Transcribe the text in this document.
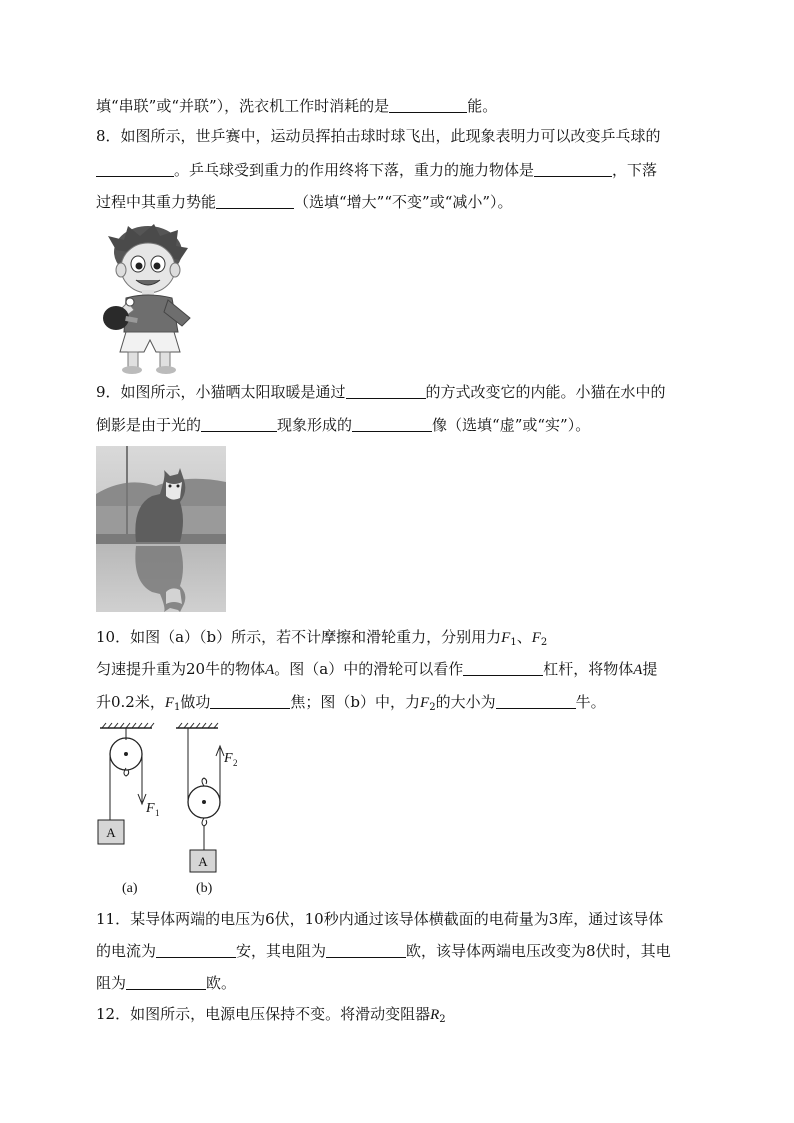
填“串联”或“并联”），洗衣机工作时消耗的是	能。
8．如图所示，世乒赛中，运动员挥拍击球时球飞出，此现象表明力可以改变乒乓球的
。乒乓球受到重力的作用终将下落，重力的施力物体是	，下落
过程中其重力势能	（选填“增大”“不变”或“减小”）。
9．如图所示，小猫晒太阳取暖是通过	的方式改变它的内能。小猫在水中的
倒影是由于光的	现象形成的	像（选填“虚”或“实”）。
10．如图（a）（b）所示，若不计摩擦和滑轮重力，分别用力$F_1$、$F_2$
匀速提升重为20牛的物体A。图（a）中的滑轮可以看作	杠杆，将物体A提
升0.2米，$F_1$做功	焦；图（b）中，力$F_2$的大小为	牛。
A
F 1
(a)
A
F 2
(b)
11．某导体两端的电压为6伏，10秒内通过该导体横截面的电荷量为3库，通过该导体
的电流为	安，其电阻为	欧，该导体两端电压改变为8伏时，其电
阻为	欧。
12．如图所示，电源电压保持不变。将滑动变阻器$R_2$
